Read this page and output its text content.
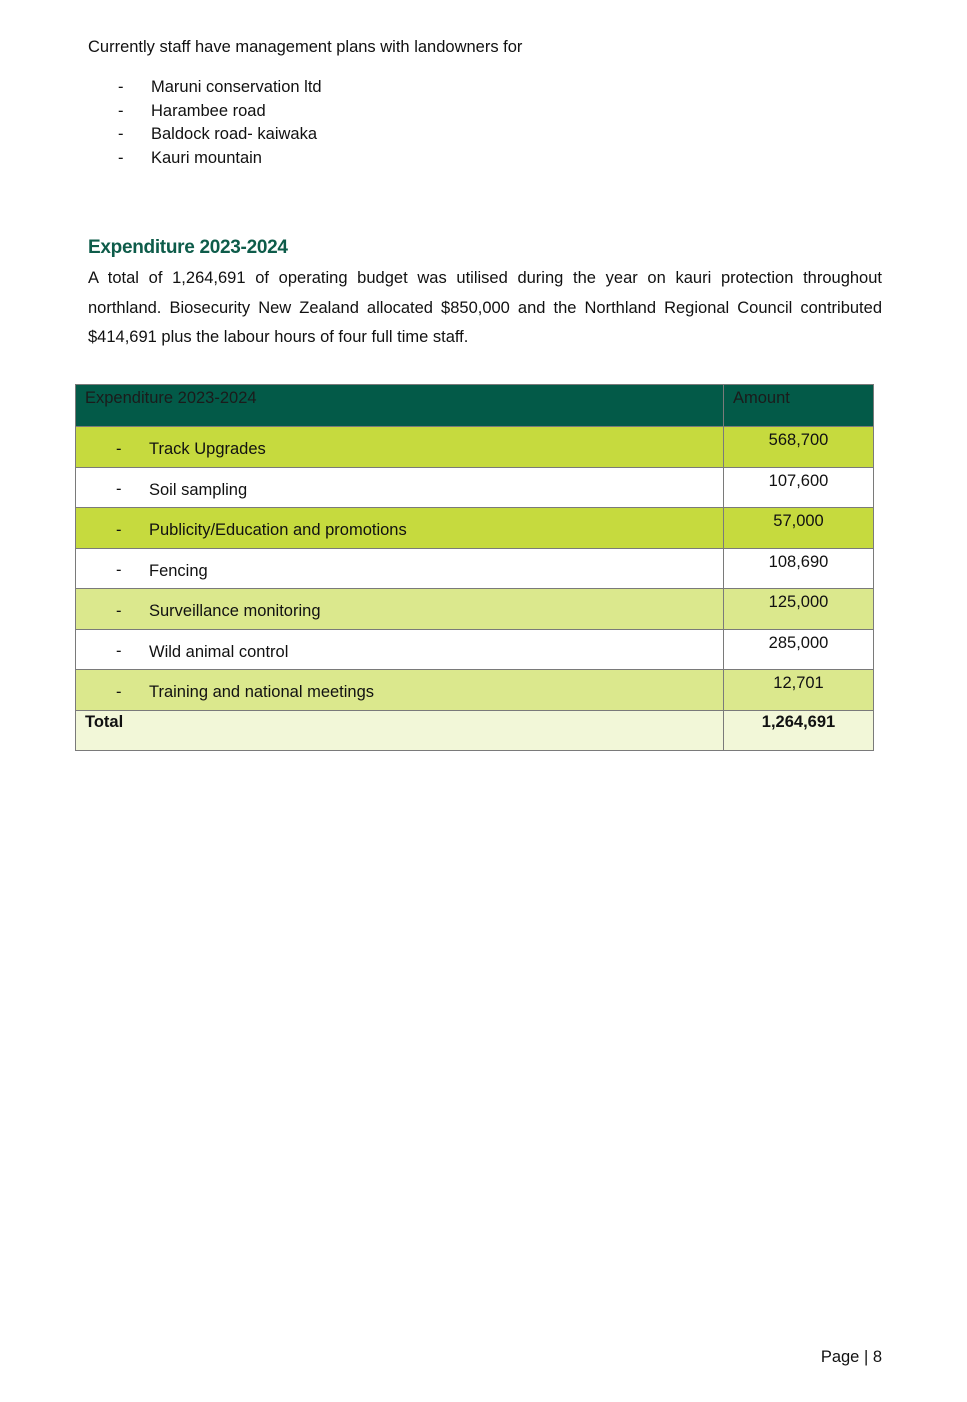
Currently staff have management plans with landowners for

- Maruni conservation ltd
- Harambee road
- Baldock road- kaiwaka
- Kauri mountain
Expenditure 2023-2024

A total of 1,264,691 of operating budget was utilised during the year on kauri protection throughout northland. Biosecurity New Zealand allocated $850,000 and the Northland Regional Council contributed $414,691 plus the labour hours of four full time staff.

Expenditure 2023-2024	Amount

- Track Upgrades	568,700

- Soil sampling	107,600

- Publicity/Education and promotions	57,000

- Fencing	108,690

- Surveillance monitoring	125,000

- Wild animal control	285,000

- Training and national meetings	12,701
Total	1,264,691

Page | 8
